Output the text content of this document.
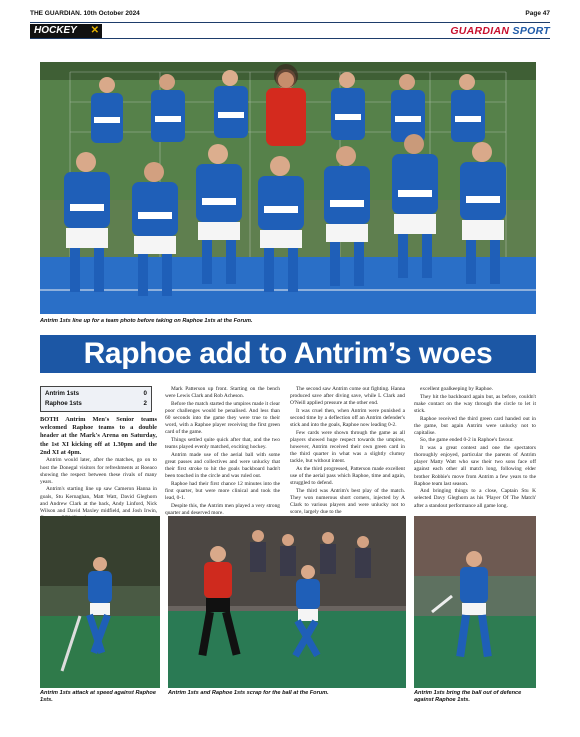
THE GUARDIAN. 10th October 2024	Page 47
HOCKEY ✕	GUARDIAN SPORT
Antrim 1sts line up for a team photo before taking on Raphoe 1sts at the Forum.
Raphoe add to Antrim’s woes
Antrim 1sts	0
Raphoe 1sts	2

BOTH Antrim Men's Senior teams welcomed Raphoe teams to a double header at the Mark's Arena on Saturday, the 1st XI kicking off at 1.30pm and the 2nd XI at 4pm.

Antrim would later, after the matches, go on to host the Donegal visitors for refreshments at Roeaco showing the respect between these rivals of many years.

Antrim's starting line up saw Cameron Hanna in goals, Stu Kernaghan, Matt Watt, David Gleghorn and Andrew Clark at the back, Andy Linford, Nick Wilson and David Maxley midfield, and Josh Irwin,

Mark Patterson up front. Starting on the bench were Lewis Clark and Rob Acheson.

Before the match started the umpires made it clear poor challenges would be penalised. And less than 60 seconds into the game they were true to their word, with a Raphoe player receiving the first green card of the game.

Things settled quite quick after that, and the two teams played evenly matched, exciting hockey.

Antrim made use of the aerial ball with some great passes and collectives and were unlucky that their first stroke to hit the goals backboard hadn't been touched in the circle and was ruled out.

Raphoe had their first chance 12 minutes into the first quarter, but were more clinical and took the lead, 0-1.

Despite this, the Antrim men played a very strong quarter and deserved more.

The second saw Antrim come out fighting. Hanna produced save after diving save, while L Clark and O'Neill applied pressure at the other end.

It was cruel then, when Antrim were punished a second time by a deflection off an Antrim defender's stick and into the goals, Raphoe now leading 0-2.

Few cards were shown through the game as all players showed huge respect towards the umpires, however, Antrim received their own green card in the third quarter in what was a slightly clumsy tackle, but without intent.

As the third progressed, Patterson made excellent use of the aerial pass which Raphoe, time and again, struggled to defend.

The third was Antrim's best play of the match. They won numerous short corners, injected by A Clark to various players and were unlucky not to score, largely due to the

excellent goalkeeping by Raphoe.

They hit the backboard again but, as before, couldn't make contact on the way through the circle to let it stick.

Raphoe received the third green card handed out in the game, but again Antrim were unlucky not to capitalise.

So, the game ended 0-2 in Raphoe's favour.

It was a great contest and one the spectators thoroughly enjoyed, particular the parents of Antrim player Matty Watt who saw their two sons face off against each other all match long, following elder brother Robbie's move from Antrim a few years to the Raphoe team last season.

And bringing things to a close, Captain Stu K selected Davy Gleghorn as his 'Player Of The Match' after a standout performance all game long.

Antrim 1sts attack at speed against Raphoe 1sts.
Antrim 1sts and Raphoe 1sts scrap for the ball at the Forum.	Antrim 1sts bring the ball out of defence against Raphoe 1sts.
